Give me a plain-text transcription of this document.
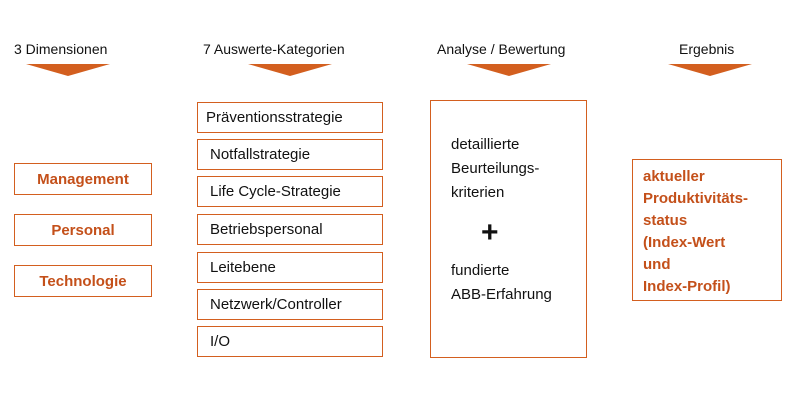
3 Dimensionen	7 Auswerte-Kategorien	Analyse / Bewertung	Ergebnis
Management
Personal
Technologie
Präventionsstrategie
Notfallstrategie
Life Cycle-Strategie
Betriebspersonal
Leitebene
Netzwerk/Controller
I/O
detaillierte
Beurteilungs-
kriterien
+
fundierte
ABB-Erfahrung
aktueller
Produktivitäts-
status
(Index-Wert
und
Index-Profil)
